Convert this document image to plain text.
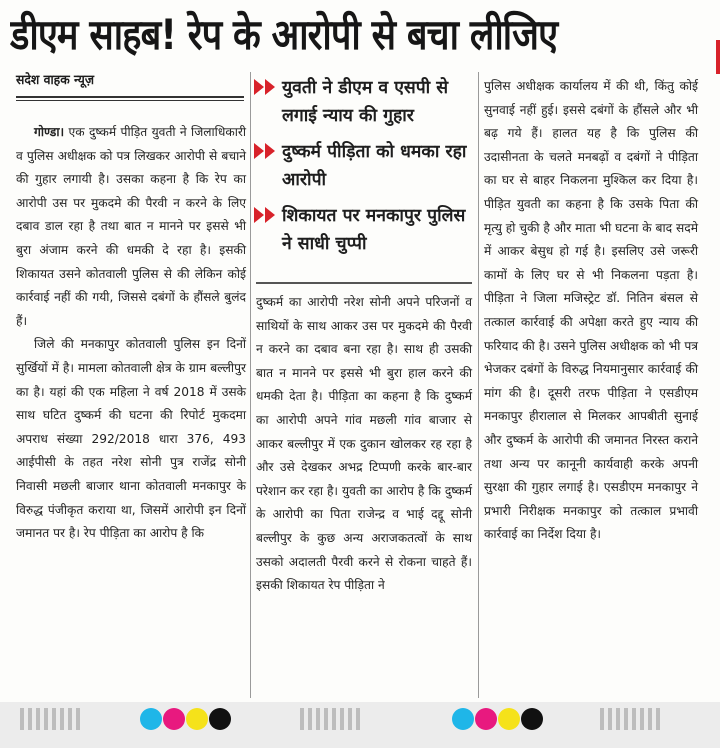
डीएम साहब! रेप के आरोपी से बचा लीजिए
सदेश वाहक न्यूज़

गोण्डा। एक दुष्कर्म पीड़ित युवती ने जिलाधिकारी व पुलिस अधीक्षक को पत्र लिखकर आरोपी से बचाने की गुहार लगायी है। उसका कहना है कि रेप का आरोपी उस पर मुकदमे की पैरवी न करने के लिए दबाव डाल रहा है तथा बात न मानने पर इससे भी बुरा अंजाम करने की धमकी दे रहा है। इसकी शिकायत उसने कोतवाली पुलिस से की लेकिन कोई कार्रवाई नहीं की गयी, जिससे दबंगों के हौंसले बुलंद हैं।

जिले की मनकापुर कोतवाली पुलिस इन दिनों सुर्खियों में है। मामला कोतवाली क्षेत्र के ग्राम बल्लीपुर का है। यहां की एक महिला ने वर्ष 2018 में उसके साथ घटित दुष्कर्म की घटना की रिपोर्ट मुकदमा अपराध संख्या 292/2018 धारा 376, 493 आईपीसी के तहत नरेश सोनी पुत्र राजेंद्र सोनी निवासी मछली बाजार थाना कोतवाली मनकापुर के विरुद्ध पंजीकृत कराया था, जिसमें आरोपी इन दिनों जमानत पर है। रेप पीड़िता का आरोप है कि

युवती ने डीएम व एसपी से लगाई न्याय की गुहार
दुष्कर्म पीड़िता को धमका रहा आरोपी
शिकायत पर मनकापुर पुलिस ने साधी चुप्पी

दुष्कर्म का आरोपी नरेश सोनी अपने परिजनों व साथियों के साथ आकर उस पर मुकदमे की पैरवी न करने का दबाव बना रहा है। साथ ही उसकी बात न मानने पर इससे भी बुरा हाल करने की धमकी देता है। पीड़िता का कहना है कि दुष्कर्म का आरोपी अपने गांव मछली गांव बाजार से आकर बल्लीपुर में एक दुकान खोलकर रह रहा है और उसे देखकर अभद्र टिप्पणी करके बार-बार परेशान कर रहा है। युवती का आरोप है कि दुष्कर्म के आरोपी का पिता राजेन्द्र व भाई दद्दू सोनी बल्लीपुर के कुछ अन्य अराजकतत्वों के साथ उसको अदालती पैरवी करने से रोकना चाहते हैं। इसकी शिकायत रेप पीड़िता ने

पुलिस अधीक्षक कार्यालय में की थी, किंतु कोई सुनवाई नहीं हुई। इससे दबंगों के हौंसले और भी बढ़ गये हैं। हालत यह है कि पुलिस की उदासीनता के चलते मनबढ़ों व दबंगों ने पीड़िता का घर से बाहर निकलना मुश्किल कर दिया है। पीड़ित युवती का कहना है कि उसके पिता की मृत्यु हो चुकी है और माता भी घटना के बाद सदमे में आकर बेसुध हो गई है। इसलिए उसे जरूरी कामों के लिए घर से भी निकलना पड़ता है। पीड़िता ने जिला मजिस्ट्रेट डॉ. नितिन बंसल से तत्काल कार्रवाई की अपेक्षा करते हुए न्याय की फरियाद की है। उसने पुलिस अधीक्षक को भी पत्र भेजकर दबंगों के विरुद्ध नियमानुसार कार्रवाई की मांग की है। दूसरी तरफ पीड़िता ने एसडीएम मनकापुर हीरालाल से मिलकर आपबीती सुनाई और दुष्कर्म के आरोपी की जमानत निरस्त कराने तथा अन्य पर कानूनी कार्यवाही करके अपनी सुरक्षा की गुहार लगाई है। एसडीएम मनकापुर ने प्रभारी निरीक्षक मनकापुर को तत्काल प्रभावी कार्रवाई का निर्देश दिया है।
